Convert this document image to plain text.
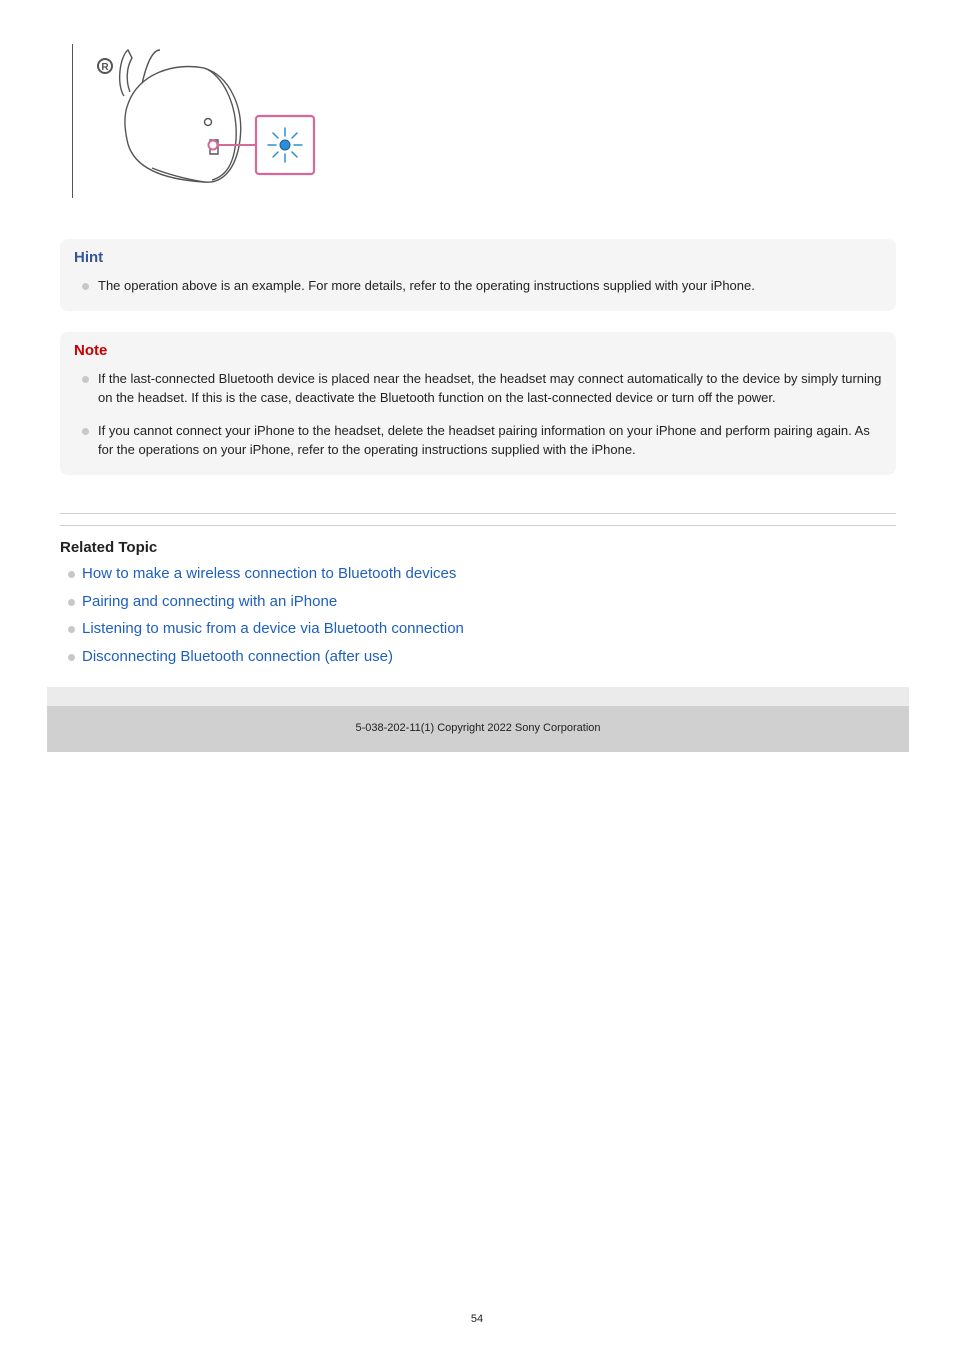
R
Hint
The operation above is an example. For more details, refer to the operating instructions supplied with your iPhone.
Note
If the last-connected Bluetooth device is placed near the headset, the headset may connect automatically to the device by simply turning on the headset. If this is the case, deactivate the Bluetooth function on the last-connected device or turn off the power.
If you cannot connect your iPhone to the headset, delete the headset pairing information on your iPhone and perform pairing again. As for the operations on your iPhone, refer to the operating instructions supplied with the iPhone.
Related Topic
How to make a wireless connection to Bluetooth devices
Pairing and connecting with an iPhone
Listening to music from a device via Bluetooth connection
Disconnecting Bluetooth connection (after use)
5-038-202-11(1) Copyright 2022 Sony Corporation
54
